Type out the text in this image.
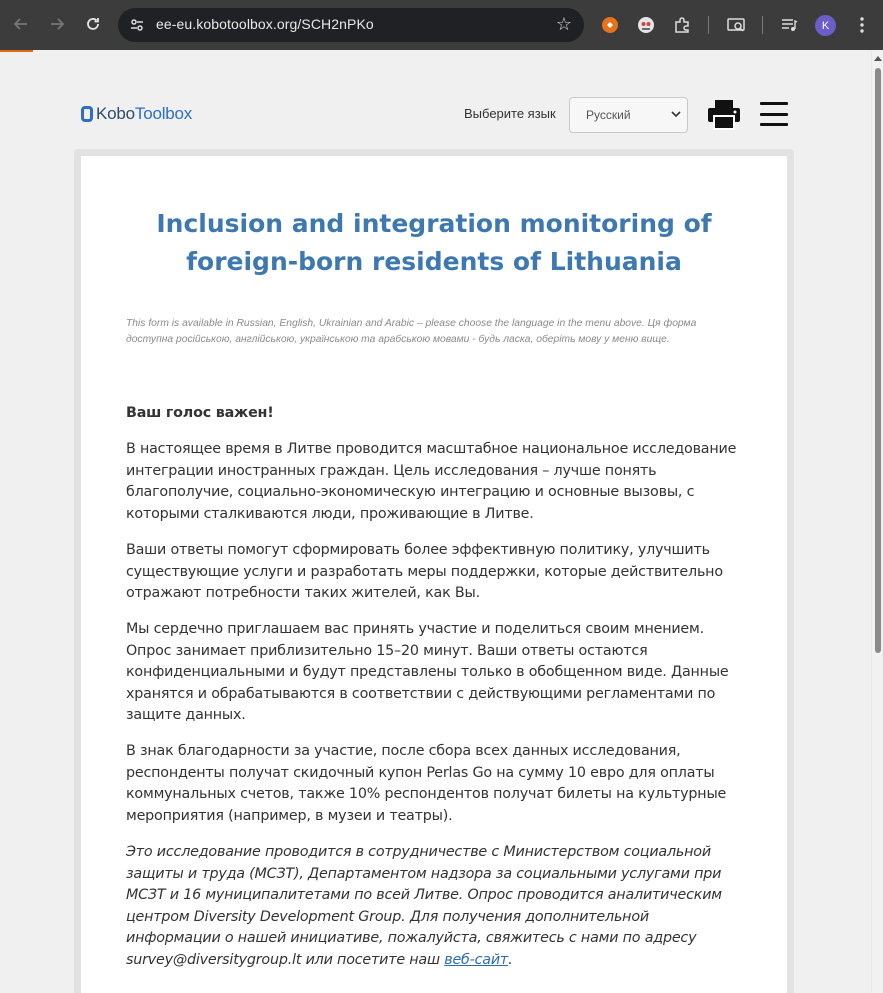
ee-eu.kobotoolbox.org/SCH2nPKo	☆	K
KoboToolbox	Выберите язык	Русский
Inclusion and integration monitoring of foreign-born residents of Lithuania

This form is available in Russian, English, Ukrainian and Arabic – please choose the language in the menu above. Ця форма доступна російською, англійською, українською та арабською мовами - будь ласка, оберіть мову у меню вище.

Ваш голос важен!

В настоящее время в Литве проводится масштабное национальное исследование интеграции иностранных граждан. Цель исследования – лучше понять благополучие, социально-экономическую интеграцию и основные вызовы, с которыми сталкиваются люди, проживающие в Литве.

Ваши ответы помогут сформировать более эффективную политику, улучшить существующие услуги и разработать меры поддержки, которые действительно отражают потребности таких жителей, как Вы.

Мы сердечно приглашаем вас принять участие и поделиться своим мнением. Опрос занимает приблизительно 15–20 минут. Ваши ответы остаются конфиденциальными и будут представлены только в обобщенном виде. Данные хранятся и обрабатываются в соответствии с действующими регламентами по защите данных.

В знак благодарности за участие, после сбора всех данных исследования, респонденты получат скидочный купон Perlas Go на сумму 10 евро для оплаты коммунальных счетов, также 10% респондентов получат билеты на культурные мероприятия (например, в музеи и театры).

Это исследование проводится в сотрудничестве с Министерством социальной защиты и труда (МСЗТ), Департаментом надзора за социальными услугами при МСЗТ и 16 муниципалитетами по всей Литве. Опрос проводится аналитическим центром Diversity Development Group. Для получения дополнительной информации о нашей инициативе, пожалуйста, свяжитесь с нами по адресу survey@diversitygroup.lt или посетите наш веб-сайт.
